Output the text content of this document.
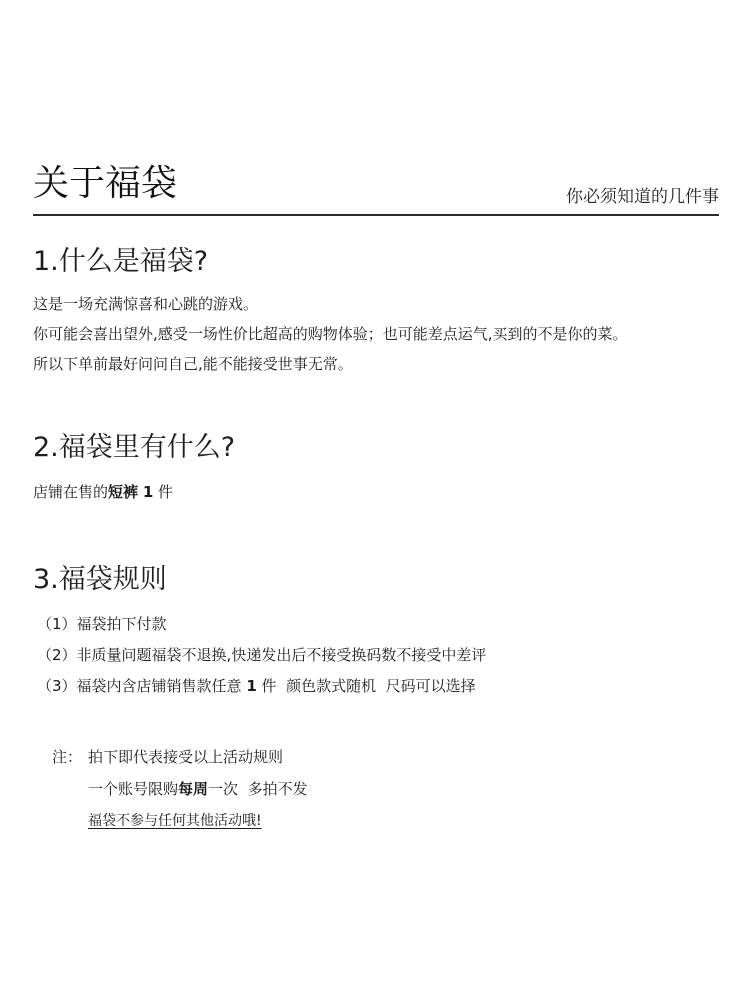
关于福袋	你必须知道的几件事
1.什么是福袋?
这是一场充满惊喜和心跳的游戏。
你可能会喜出望外,感受一场性价比超高的购物体验；也可能差点运气,买到的不是你的菜。
所以下单前最好问问自己,能不能接受世事无常。
2.福袋里有什么?
店铺在售的短裤 1 件
3.福袋规则
（1）福袋拍下付款
（2）非质量问题福袋不退换,快递发出后不接受换码数不接受中差评
（3）福袋内含店铺销售款任意 1 件  颜色款式随机  尺码可以选择
注： 拍下即代表接受以上活动规则
一个账号限购每周一次  多拍不发
福袋不参与任何其他活动哦!
